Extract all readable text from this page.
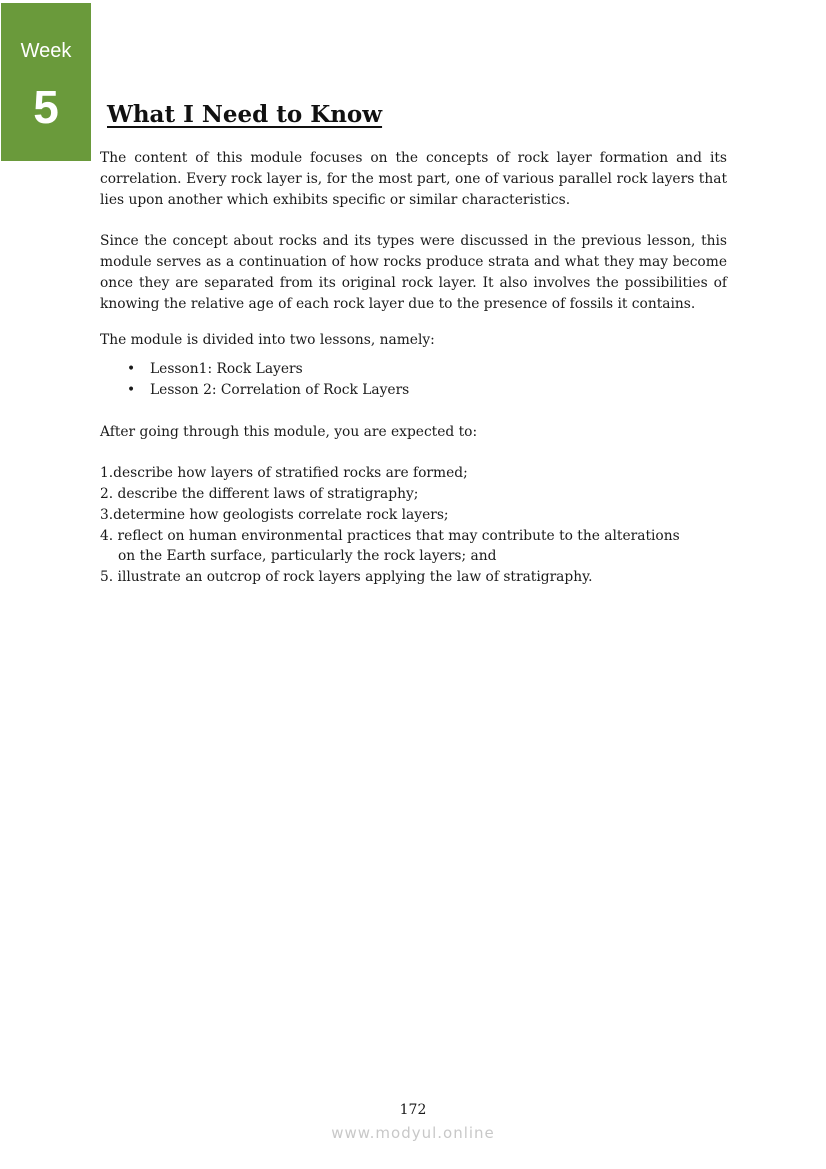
Week
5	What I Need to Know

The content of this module focuses on the concepts of rock layer formation and its correlation. Every rock layer is, for the most part, one of various parallel rock layers that lies upon another which exhibits specific or similar characteristics.

Since the concept about rocks and its types were discussed in the previous lesson, this module serves as a continuation of how rocks produce strata and what they may become once they are separated from its original rock layer. It also involves the possibilities of knowing the relative age of each rock layer due to the presence of fossils it contains.

The module is divided into two lessons, namely:

• Lesson1: Rock Layers
• Lesson 2: Correlation of Rock Layers

After going through this module, you are expected to:

1.describe how layers of stratified rocks are formed;
2. describe the different laws of stratigraphy;
3.determine how geologists correlate rock layers;
4. reflect on human environmental practices that may contribute to the alterations
on the Earth surface, particularly the rock layers; and
5. illustrate an outcrop of rock layers applying the law of stratigraphy.
172
www.modyul.online
